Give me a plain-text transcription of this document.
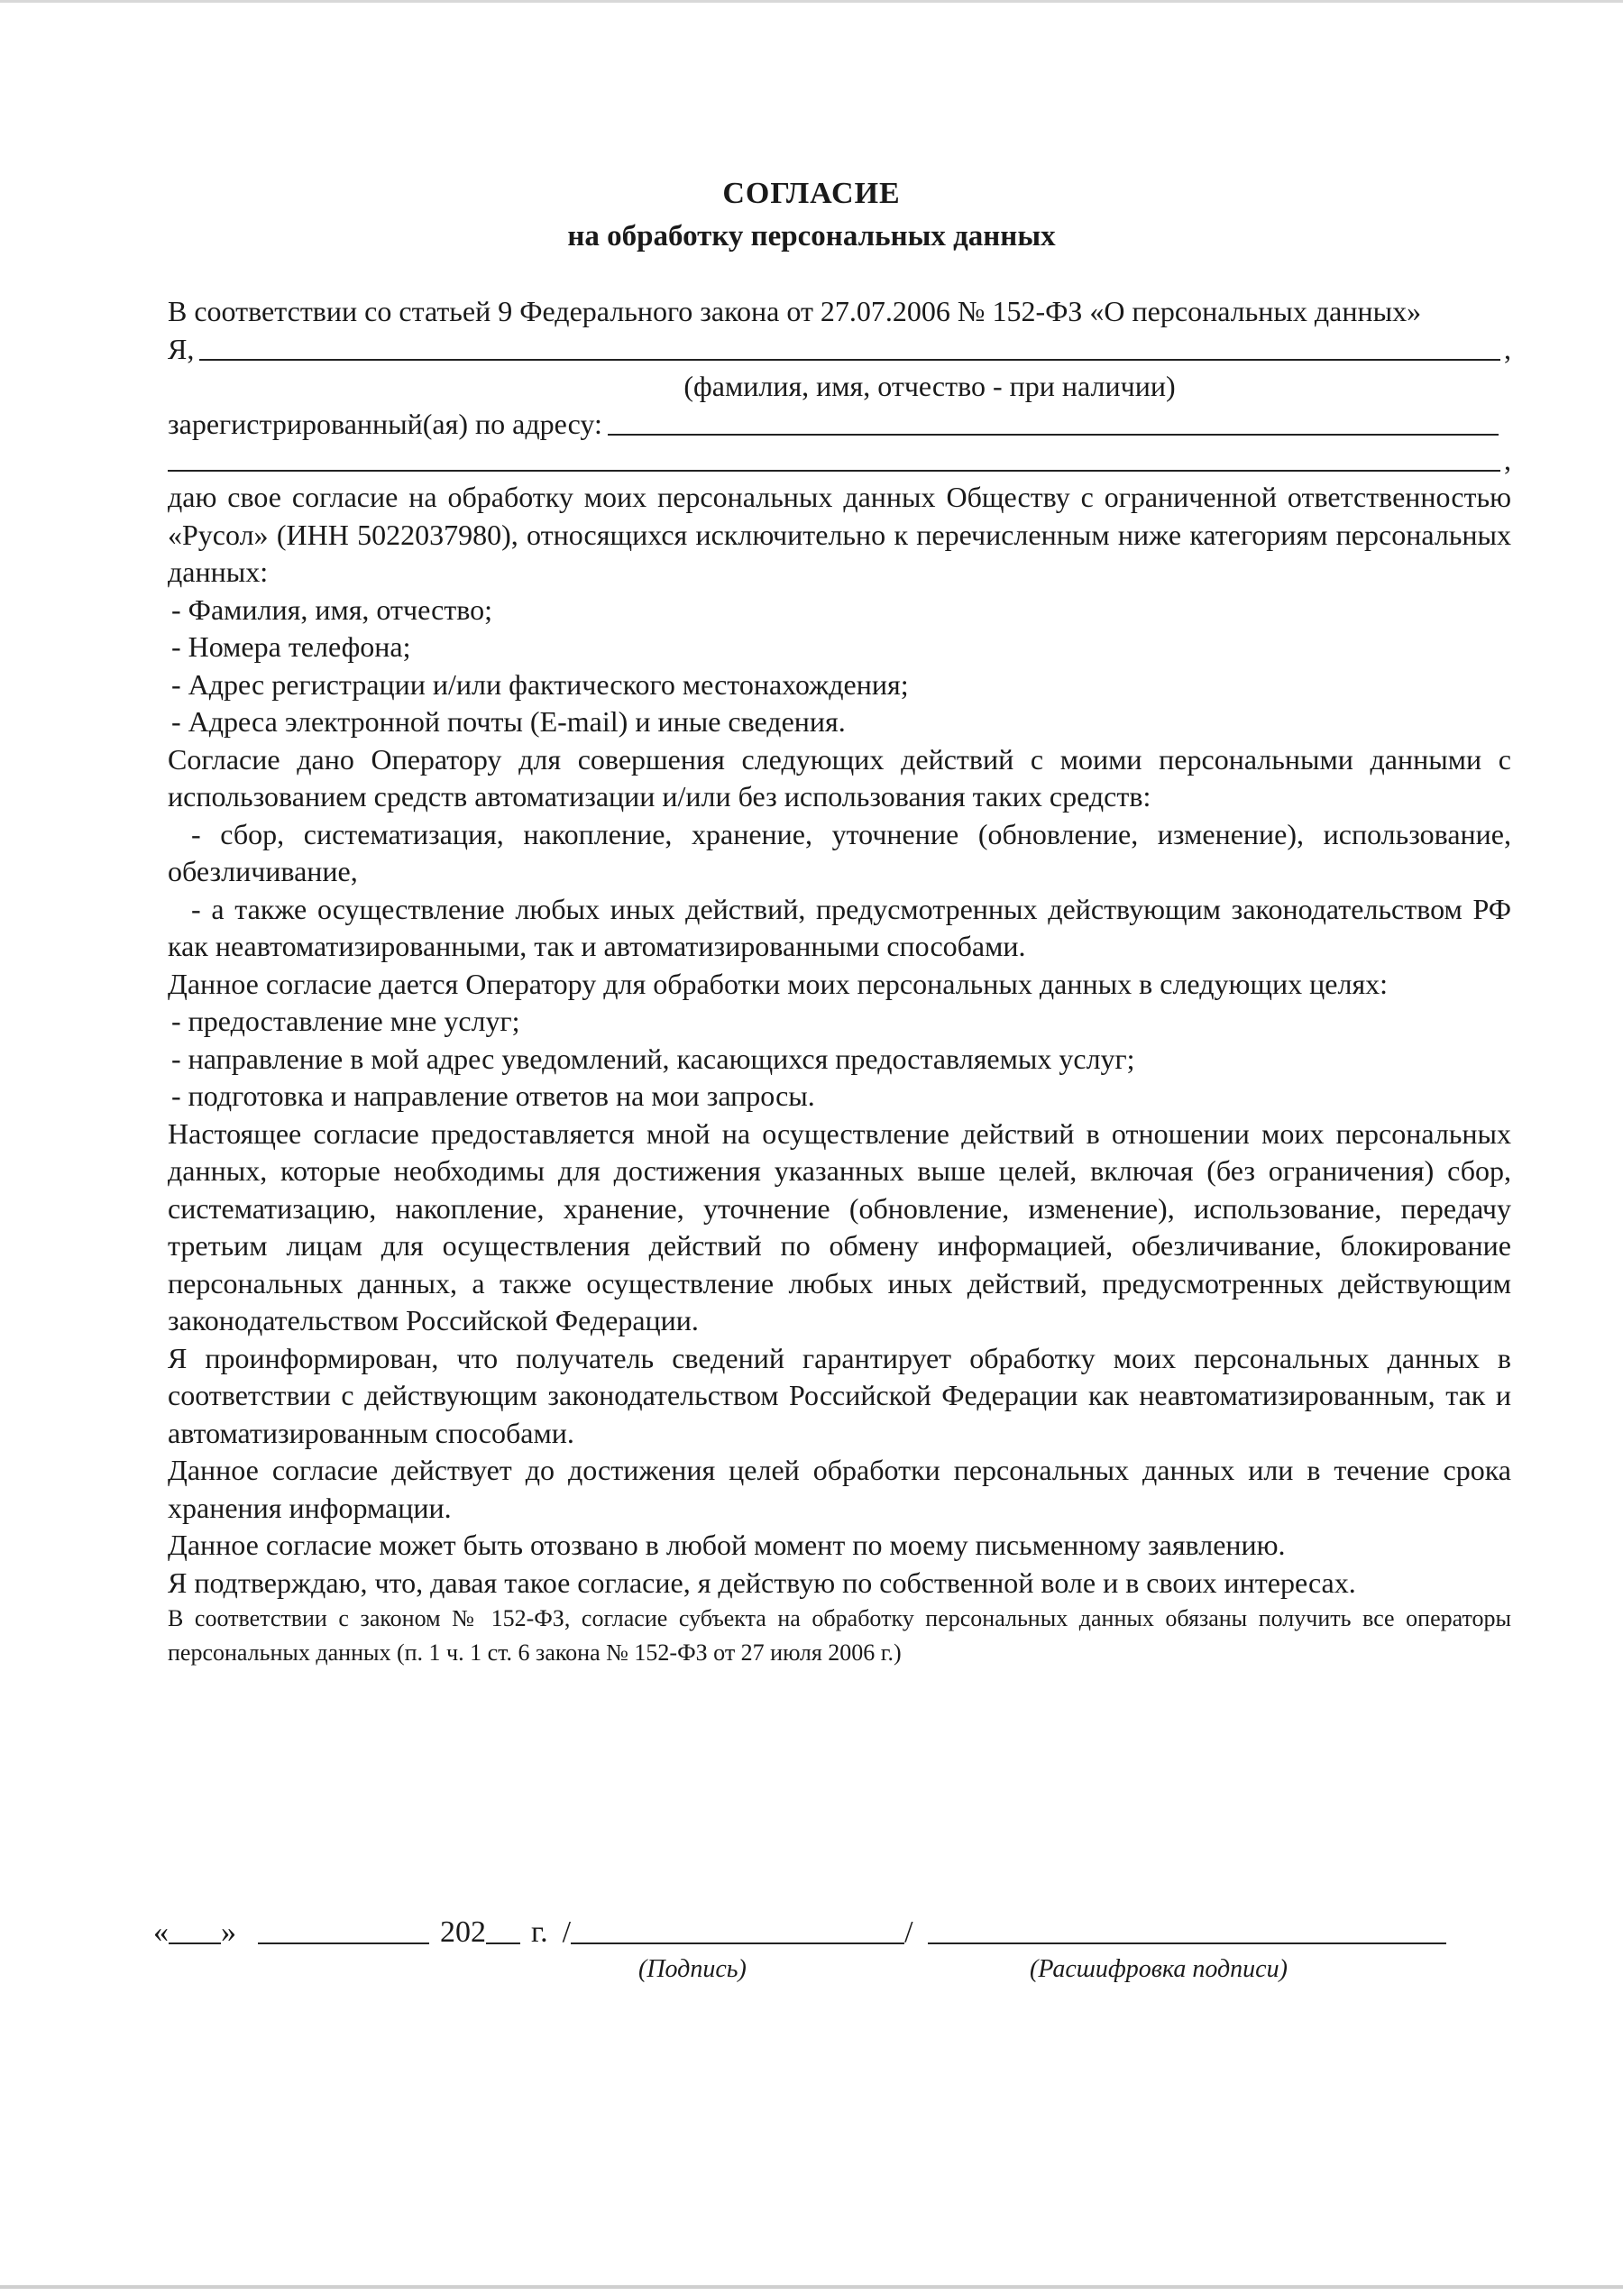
СОГЛАСИЕ
на обработку персональных данных

В соответствии со статьей 9 Федерального закона от 27.07.2006 № 152-ФЗ «О персональных данных»

Я,	,
(фамилия, имя, отчество - при наличии)
зарегистрированный(ая) по адресу:
,

даю свое согласие на обработку моих персональных данных Обществу с ограниченной ответственностью «Русол» (ИНН 5022037980), относящихся исключительно к перечисленным ниже категориям персональных данных:

- Фамилия, имя, отчество;
- Номера телефона;
- Адрес регистрации и/или фактического местонахождения;
- Адреса электронной почты (E-mail) и иные сведения.

Согласие дано Оператору для совершения следующих действий с моими персональными данными с использованием средств автоматизации и/или без использования таких средств:

- сбор, систематизация, накопление, хранение, уточнение (обновление, изменение), использование, обезличивание,

- а также осуществление любых иных действий, предусмотренных действующим законодательством РФ как неавтоматизированными, так и автоматизированными способами.

Данное согласие дается Оператору для обработки моих персональных данных в следующих целях:

- предоставление мне услуг;
- направление в мой адрес уведомлений, касающихся предоставляемых услуг;
- подготовка и направление ответов на мои запросы.

Настоящее согласие предоставляется мной на осуществление действий в отношении моих персональных данных, которые необходимы для достижения указанных выше целей, включая (без ограничения) сбор, систематизацию, накопление, хранение, уточнение (обновление, изменение), использование, передачу третьим лицам для осуществления действий по обмену информацией, обезличивание, блокирование персональных данных, а также осуществление любых иных действий, предусмотренных действующим законодательством Российской Федерации.

Я проинформирован, что получатель сведений гарантирует обработку моих персональных данных в соответствии с действующим законодательством Российской Федерации как неавтоматизированным, так и автоматизированным способами.

Данное согласие действует до достижения целей обработки персональных данных или в течение срока хранения информации.

Данное согласие может быть отозвано в любой момент по моему письменному заявлению.

Я подтверждаю, что, давая такое согласие, я действую по собственной воле и в своих интересах.

В соответствии с законом № 152-ФЗ, согласие субъекта на обработку персональных данных обязаны получить все операторы персональных данных (п. 1 ч. 1 ст. 6 закона № 152-ФЗ от 27 июля 2006 г.)

« »	202 г. /	/
(Подпись)	(Расшифровка подписи)
